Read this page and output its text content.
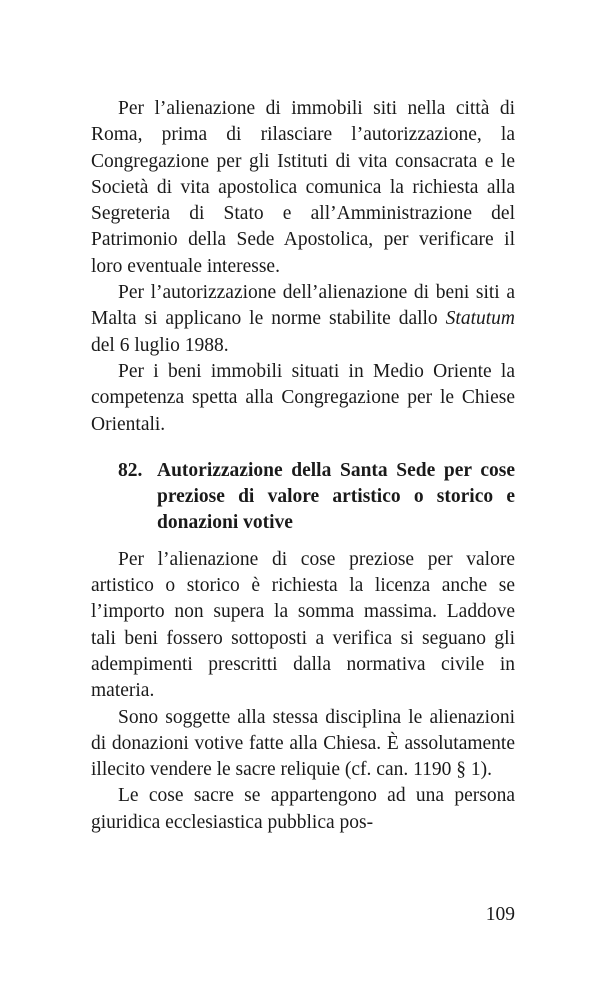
Per l’alienazione di immobili siti nella città di Roma, prima di rilasciare l’autorizzazione, la Congregazione per gli Istituti di vita consacrata e le Società di vita apostolica comunica la richiesta alla Segreteria di Stato e all’Amministrazione del Patrimonio della Sede Apostolica, per verificare il loro eventuale interesse.

Per l’autorizzazione dell’alienazione di beni siti a Malta si applicano le norme stabilite dallo Statutum del 6 luglio 1988.

Per i beni immobili situati in Medio Oriente la competenza spetta alla Congregazione per le Chiese Orientali.

82. Autorizzazione della Santa Sede per cose preziose di valore artistico o storico e donazioni votive

Per l’alienazione di cose preziose per valore artistico o storico è richiesta la licenza anche se l’importo non supera la somma massima. Laddove tali beni fossero sottoposti a verifica si seguano gli adempimenti prescritti dalla normativa civile in materia.

Sono soggette alla stessa disciplina le alienazioni di donazioni votive fatte alla Chiesa. È assolutamente illecito vendere le sacre reliquie (cf. can. 1190 § 1).

Le cose sacre se appartengono ad una persona giuridica ecclesiastica pubblica pos-

109
